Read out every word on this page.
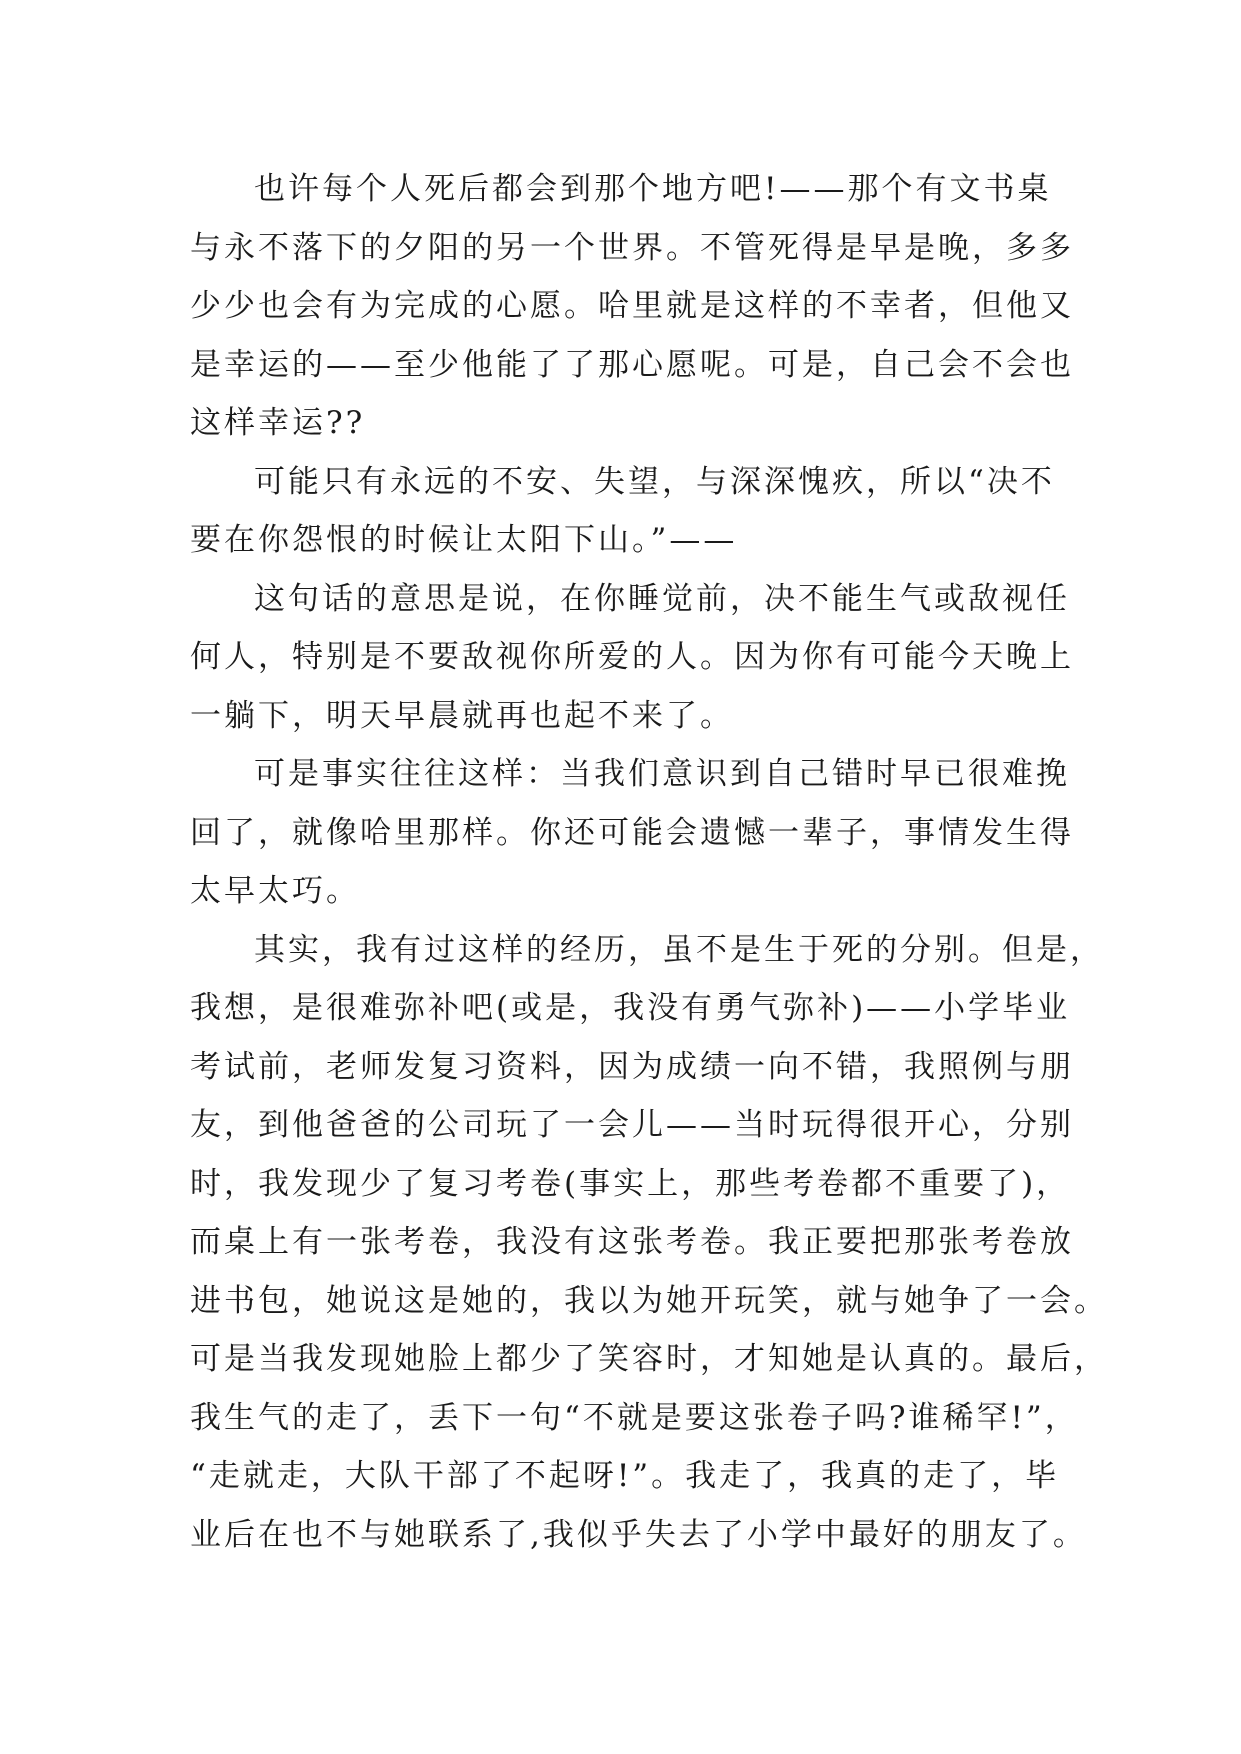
也许每个人死后都会到那个地方吧!——那个有文书桌
与永不落下的夕阳的另一个世界。不管死得是早是晚，多多
少少也会有为完成的心愿。哈里就是这样的不幸者，但他又
是幸运的——至少他能了了那心愿呢。可是，自己会不会也
这样幸运??
可能只有永远的不安、失望，与深深愧疚，所以“决不
要在你怨恨的时候让太阳下山。”——
这句话的意思是说，在你睡觉前，决不能生气或敌视任
何人，特别是不要敌视你所爱的人。因为你有可能今天晚上
一躺下，明天早晨就再也起不来了。
可是事实往往这样：当我们意识到自己错时早已很难挽
回了，就像哈里那样。你还可能会遗憾一辈子，事情发生得
太早太巧。
其实，我有过这样的经历，虽不是生于死的分别。但是，
我想，是很难弥补吧(或是，我没有勇气弥补)——小学毕业
考试前，老师发复习资料，因为成绩一向不错，我照例与朋
友，到他爸爸的公司玩了一会儿——当时玩得很开心，分别
时，我发现少了复习考卷(事实上，那些考卷都不重要了)，
而桌上有一张考卷，我没有这张考卷。我正要把那张考卷放
进书包，她说这是她的，我以为她开玩笑，就与她争了一会。
可是当我发现她脸上都少了笑容时，才知她是认真的。最后，
我生气的走了，丢下一句“不就是要这张卷子吗?谁稀罕!”，
“走就走，大队干部了不起呀!”。我走了，我真的走了，毕
业后在也不与她联系了,我似乎失去了小学中最好的朋友了。
